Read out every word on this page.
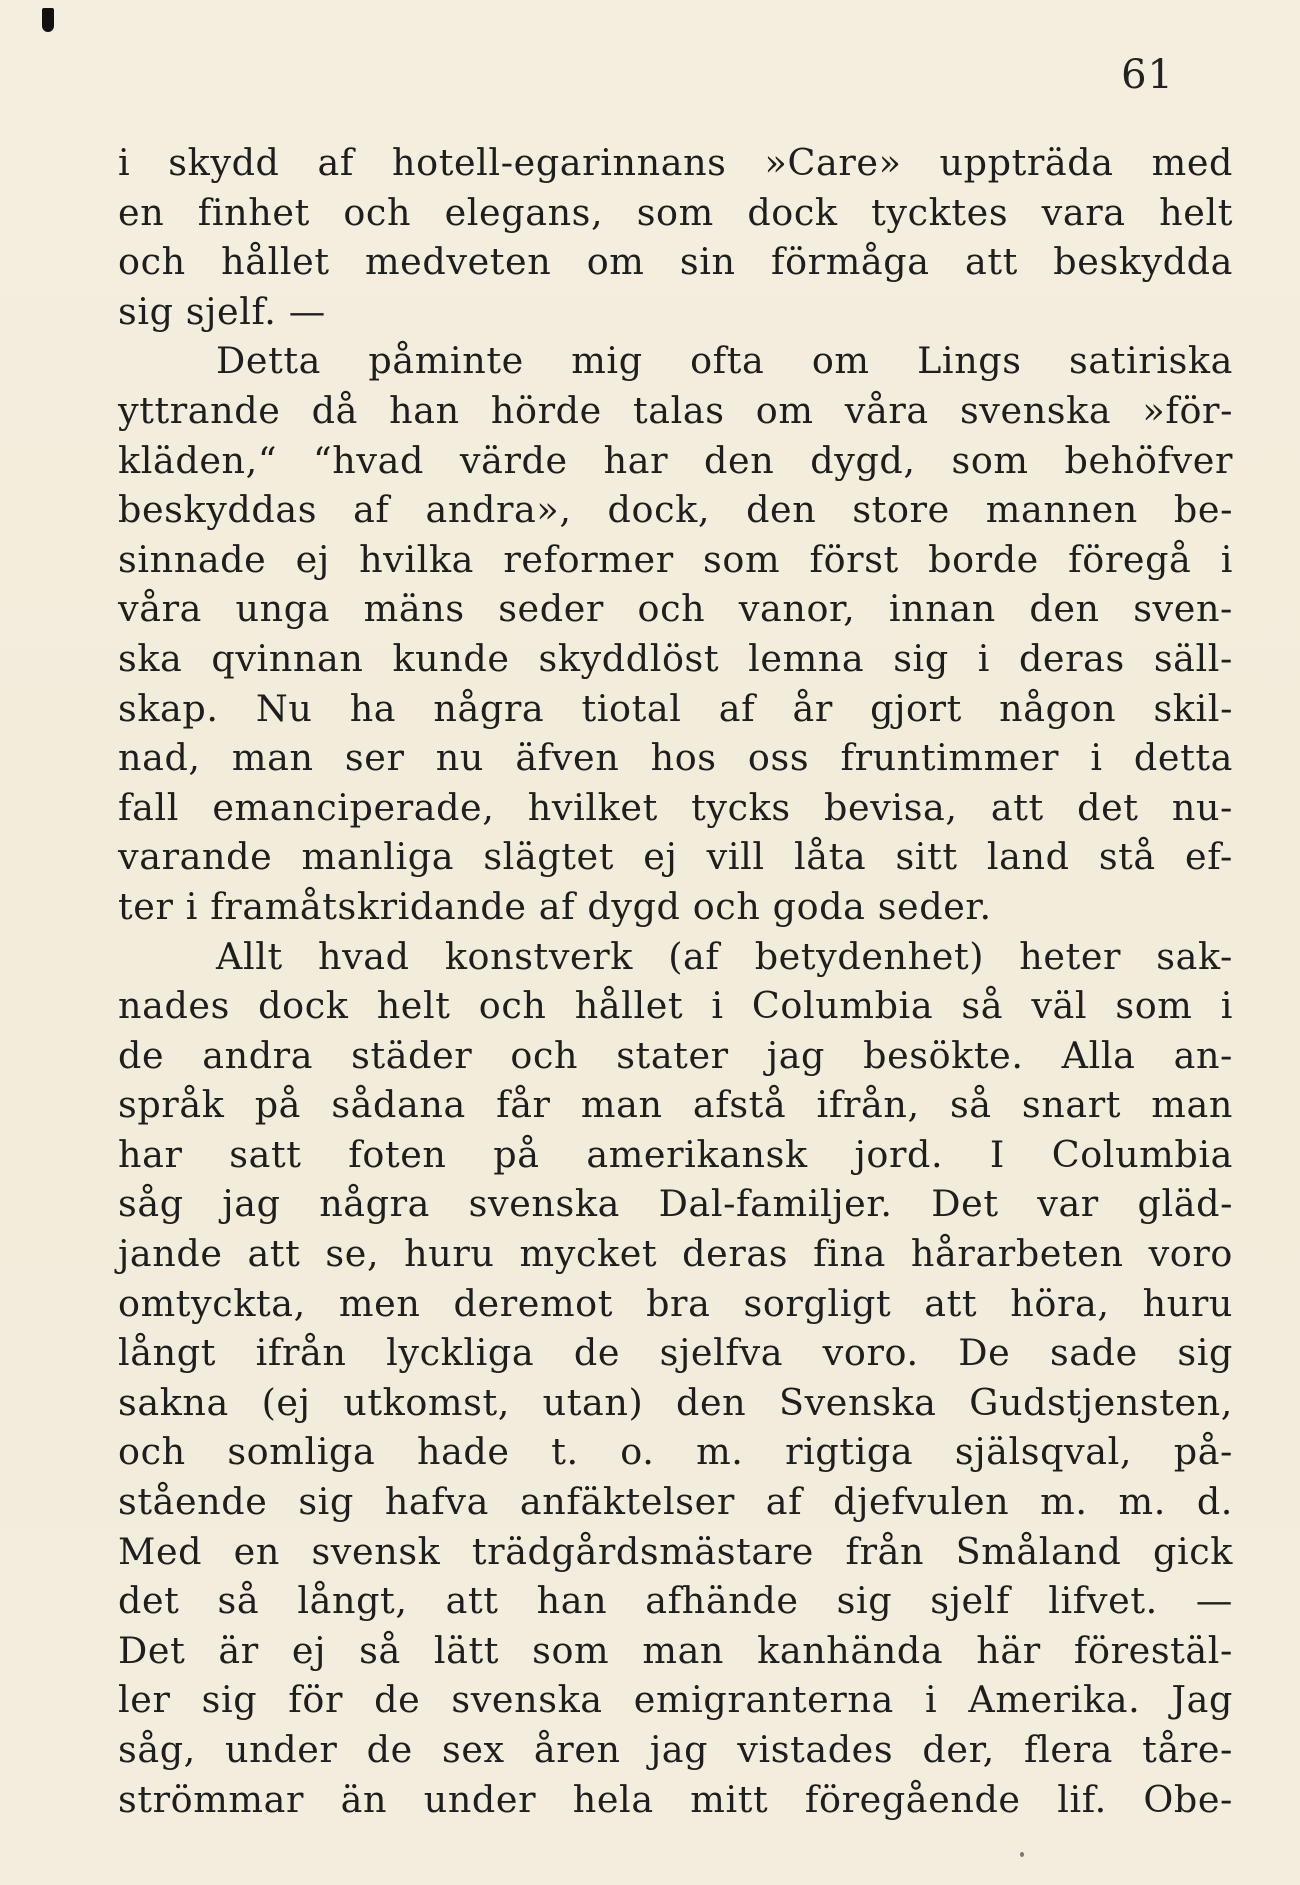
61
i skydd af hotell-egarinnans »Care» uppträda med
en finhet och elegans, som dock tycktes vara helt
och hållet medveten om sin förmåga att beskydda
sig sjelf. —
Detta påminte mig ofta om Lings satiriska
yttrande då han hörde talas om våra svenska »för-
kläden,“ “hvad värde har den dygd, som behöfver
beskyddas af andra», dock, den store mannen be-
sinnade ej hvilka reformer som först borde föregå i
våra unga mäns seder och vanor, innan den sven-
ska qvinnan kunde skyddlöst lemna sig i deras säll-
skap. Nu ha några tiotal af år gjort någon skil-
nad, man ser nu äfven hos oss fruntimmer i detta
fall emanciperade, hvilket tycks bevisa, att det nu-
varande manliga slägtet ej vill låta sitt land stå ef-
ter i framåtskridande af dygd och goda seder.
Allt hvad konstverk (af betydenhet) heter sak-
nades dock helt och hållet i Columbia så väl som i
de andra städer och stater jag besökte. Alla an-
språk på sådana får man afstå ifrån, så snart man
har satt foten på amerikansk jord. I Columbia
såg jag några svenska Dal-familjer. Det var gläd-
jande att se, huru mycket deras fina hårarbeten voro
omtyckta, men deremot bra sorgligt att höra, huru
långt ifrån lyckliga de sjelfva voro. De sade sig
sakna (ej utkomst, utan) den Svenska Gudstjensten,
och somliga hade t. o. m. rigtiga själsqval, på-
stående sig hafva anfäktelser af djefvulen m. m. d.
Med en svensk trädgårdsmästare från Småland gick
det så långt, att han afhände sig sjelf lifvet. —
Det är ej så lätt som man kanhända här förestäl-
ler sig för de svenska emigranterna i Amerika. Jag
såg, under de sex åren jag vistades der, flera tåre-
strömmar än under hela mitt föregående lif. Obe-
